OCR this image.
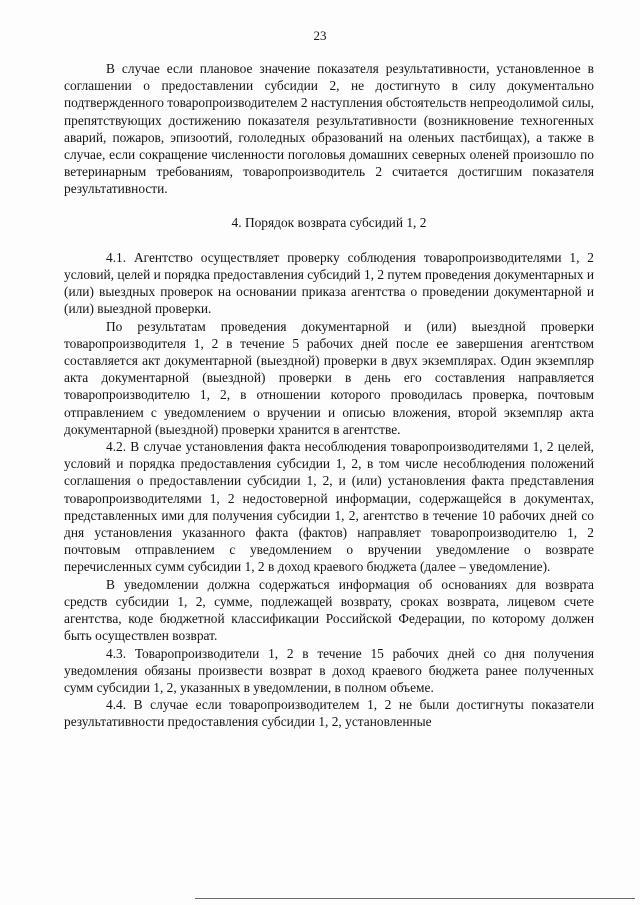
23

В случае если плановое значение показателя результативности, установленное в соглашении о предоставлении субсидии 2, не достигнуто в силу документально подтвержденного товаропроизводителем 2 наступления обстоятельств непреодолимой силы, препятствующих достижению показателя результативности (возникновение техногенных аварий, пожаров, эпизоотий, гололедных образований на оленьих пастбищах), а также в случае, если сокращение численности поголовья домашних северных оленей произошло по ветеринарным требованиям, товаропроизводитель 2 считается достигшим показателя результативности.

4. Порядок возврата субсидий 1, 2

4.1. Агентство осуществляет проверку соблюдения товаропроизводителями 1, 2 условий, целей и порядка предоставления субсидий 1, 2 путем проведения документарных и (или) выездных проверок на основании приказа агентства о проведении документарной и (или) выездной проверки.

По результатам проведения документарной и (или) выездной проверки товаропроизводителя 1, 2 в течение 5 рабочих дней после ее завершения агентством составляется акт документарной (выездной) проверки в двух экземплярах. Один экземпляр акта документарной (выездной) проверки в день его составления направляется товаропроизводителю 1, 2, в отношении которого проводилась проверка, почтовым отправлением с уведомлением о вручении и описью вложения, второй экземпляр акта документарной (выездной) проверки хранится в агентстве.

4.2. В случае установления факта несоблюдения товаропроизводителями 1, 2 целей, условий и порядка предоставления субсидии 1, 2, в том числе несоблюдения положений соглашения о предоставлении субсидии 1, 2, и (или) установления факта представления товаропроизводителями 1, 2 недостоверной информации, содержащейся в документах, представленных ими для получения субсидии 1, 2, агентство в течение 10 рабочих дней со дня установления указанного факта (фактов) направляет товаропроизводителю 1, 2 почтовым отправлением с уведомлением о вручении уведомление о возврате перечисленных сумм субсидии 1, 2 в доход краевого бюджета (далее – уведомление).

В уведомлении должна содержаться информация об основаниях для возврата средств субсидии 1, 2, сумме, подлежащей возврату, сроках возврата, лицевом счете агентства, коде бюджетной классификации Российской Федерации, по которому должен быть осуществлен возврат.

4.3. Товаропроизводители 1, 2 в течение 15 рабочих дней со дня получения уведомления обязаны произвести возврат в доход краевого бюджета ранее полученных сумм субсидии 1, 2, указанных в уведомлении, в полном объеме.

4.4. В случае если товаропроизводителем 1, 2 не были достигнуты показатели результативности предоставления субсидии 1, 2, установленные
